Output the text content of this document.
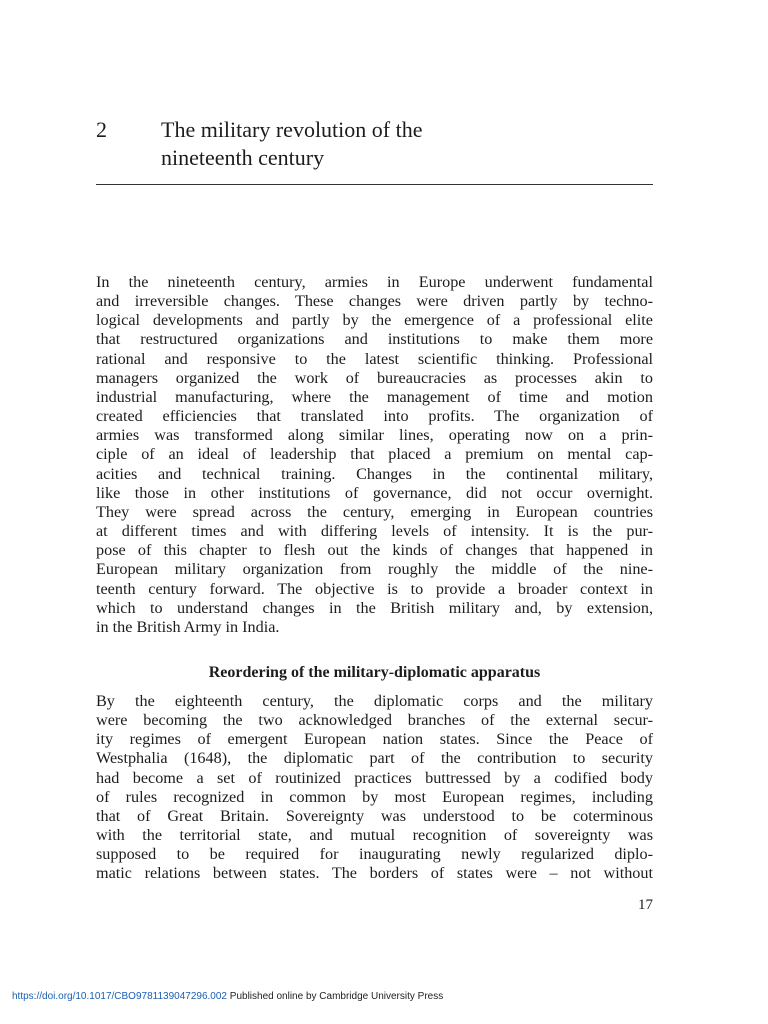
2 The military revolution of the
nineteenth century
In the nineteenth century, armies in Europe underwent fundamental
and irreversible changes. These changes were driven partly by techno-
logical developments and partly by the emergence of a professional elite
that restructured organizations and institutions to make them more
rational and responsive to the latest scientific thinking. Professional
managers organized the work of bureaucracies as processes akin to
industrial manufacturing, where the management of time and motion
created efficiencies that translated into profits. The organization of
armies was transformed along similar lines, operating now on a prin-
ciple of an ideal of leadership that placed a premium on mental cap-
acities and technical training. Changes in the continental military,
like those in other institutions of governance, did not occur overnight.
They were spread across the century, emerging in European countries
at different times and with differing levels of intensity. It is the pur-
pose of this chapter to flesh out the kinds of changes that happened in
European military organization from roughly the middle of the nine-
teenth century forward. The objective is to provide a broader context in
which to understand changes in the British military and, by extension,
in the British Army in India.
Reordering of the military-diplomatic apparatus
By the eighteenth century, the diplomatic corps and the military
were becoming the two acknowledged branches of the external secur-
ity regimes of emergent European nation states. Since the Peace of
Westphalia (1648), the diplomatic part of the contribution to security
had become a set of routinized practices buttressed by a codified body
of rules recognized in common by most European regimes, including
that of Great Britain. Sovereignty was understood to be coterminous
with the territorial state, and mutual recognition of sovereignty was
supposed to be required for inaugurating newly regularized diplo-
matic relations between states. The borders of states were – not without
17
https://doi.org/10.1017/CBO9781139047296.002 Published online by Cambridge University Press
